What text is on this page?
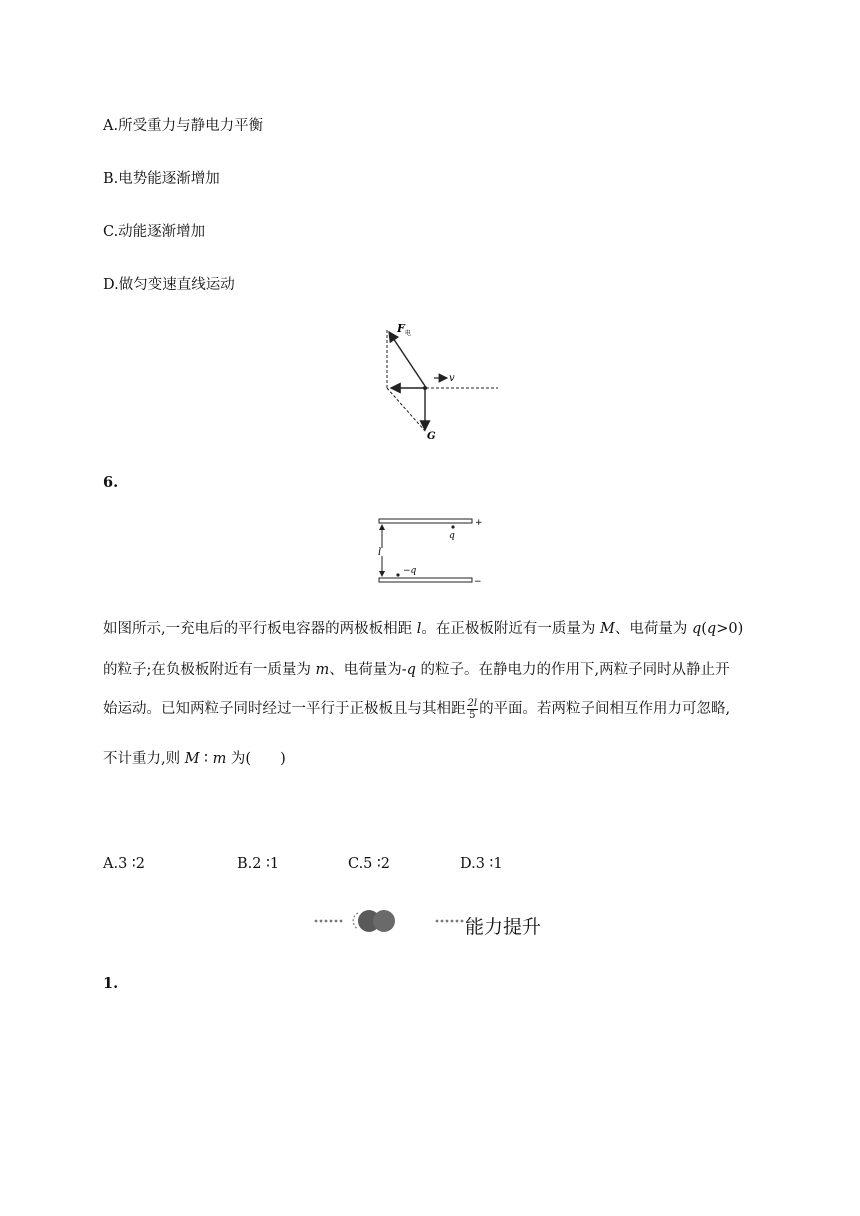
A.所受重力与静电力平衡
B.电势能逐渐增加
C.动能逐渐增加
D.做匀变速直线运动
F 电
v
G
6.
l
+
−
q
−q
如图所示,一充电后的平行板电容器的两极板相距 l。在正极板附近有一质量为 M、电荷量为 q(q>0)
的粒子;在负极板附近有一质量为 m、电荷量为-q 的粒子。在静电力的作用下,两粒子同时从静止开
始运动。已知两粒子同时经过一平行于正极板且与其相距 $\frac{2l}{5}$ 的平面。若两粒子间相互作用力可忽略,
不计重力,则 M ∶ m 为(　　)
A.3 ∶2	B.2 ∶1	C.5 ∶2	D.3 ∶1
能力提升
1.
